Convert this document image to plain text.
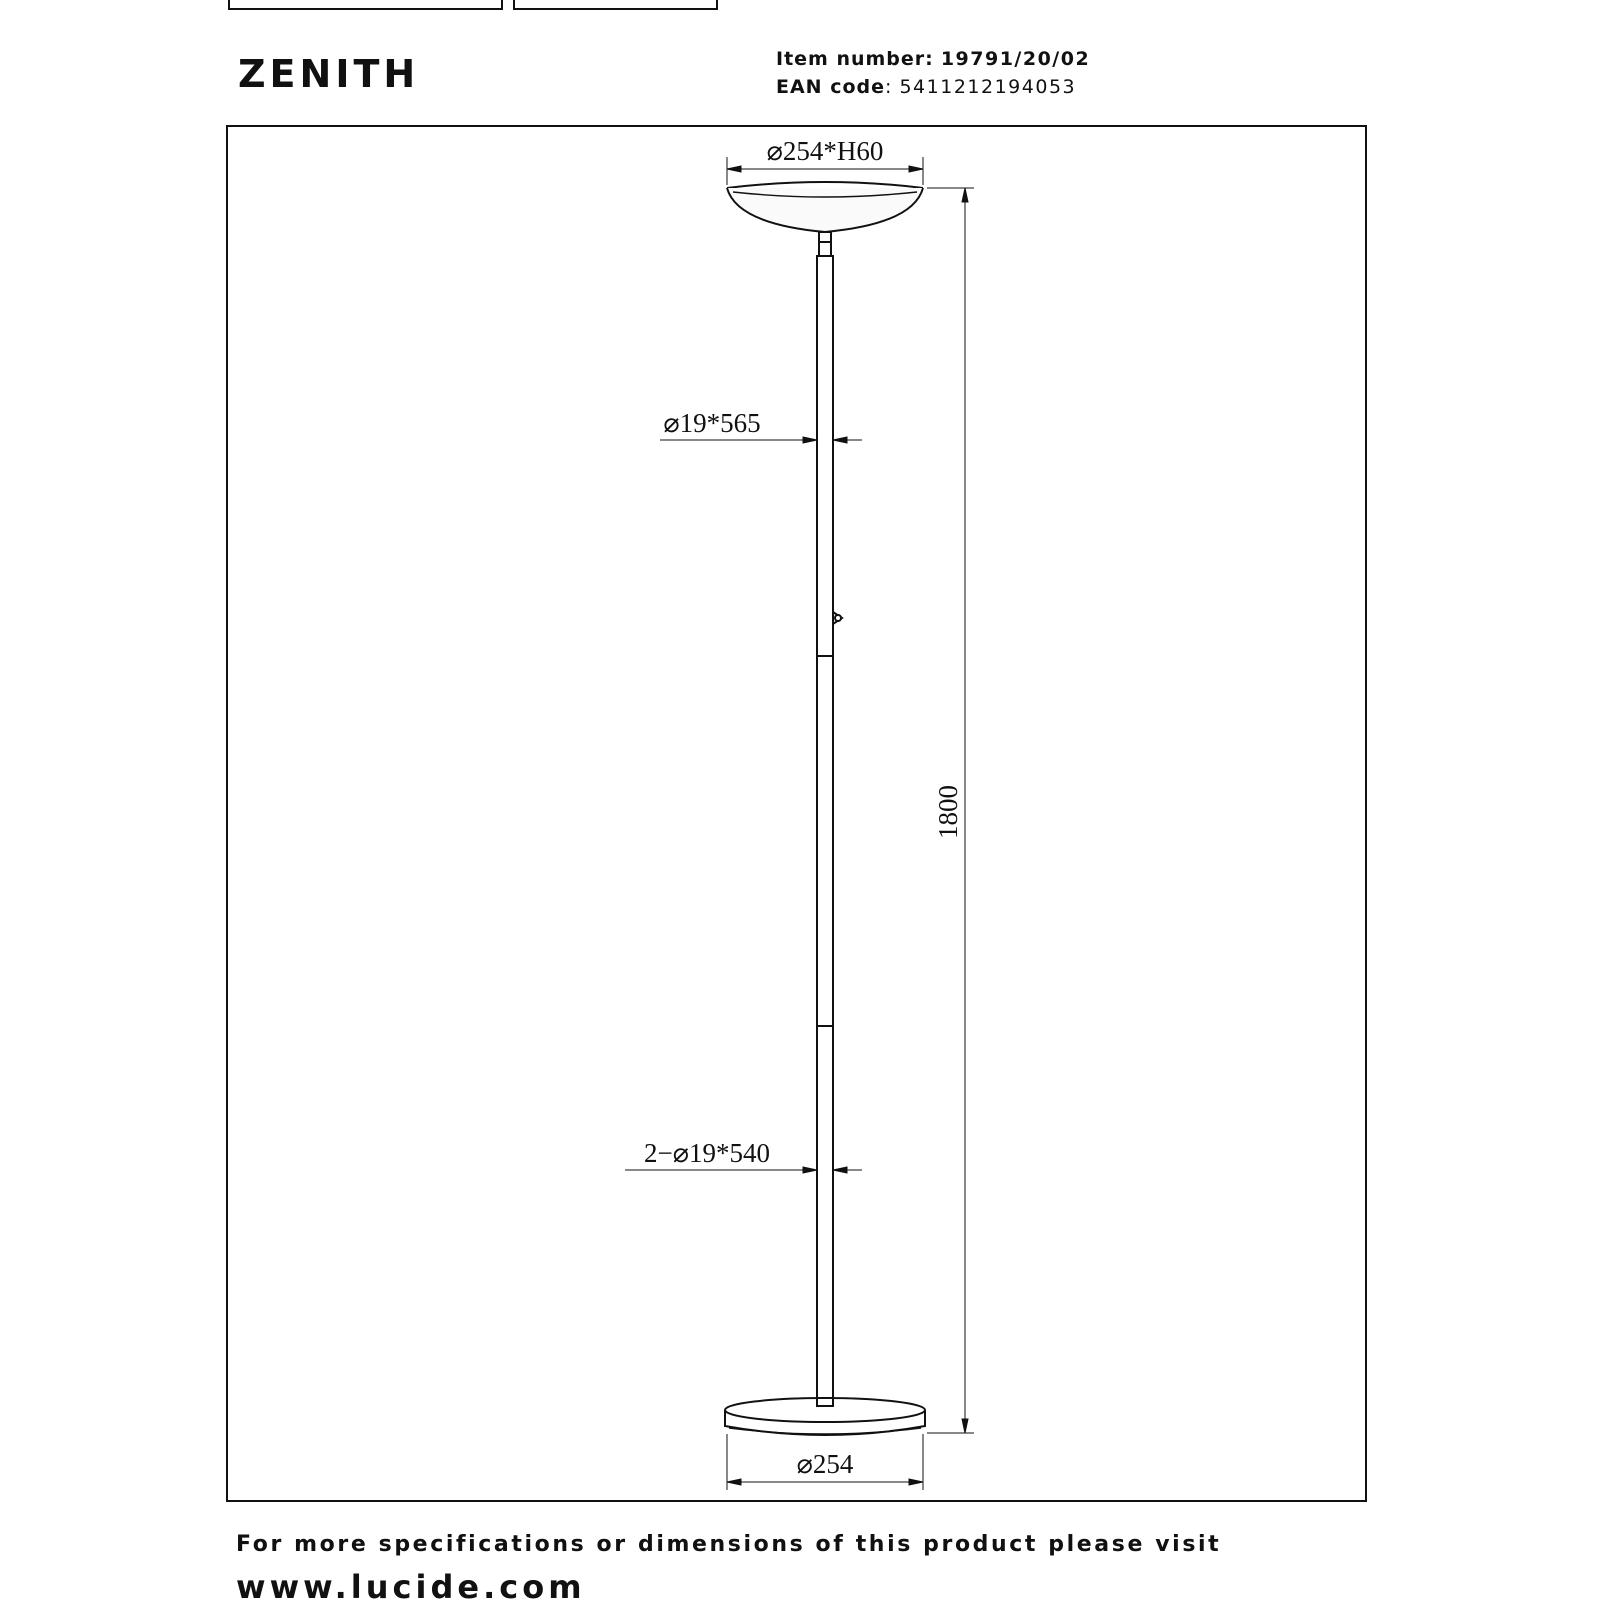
ZENITH	Item number: 19791/20/02
EAN code: 5411212194053
⌀254*H60
⌀19*565
2−⌀19*540
1800
⌀254
For more specifications or dimensions of this product please visit
www.lucide.com
